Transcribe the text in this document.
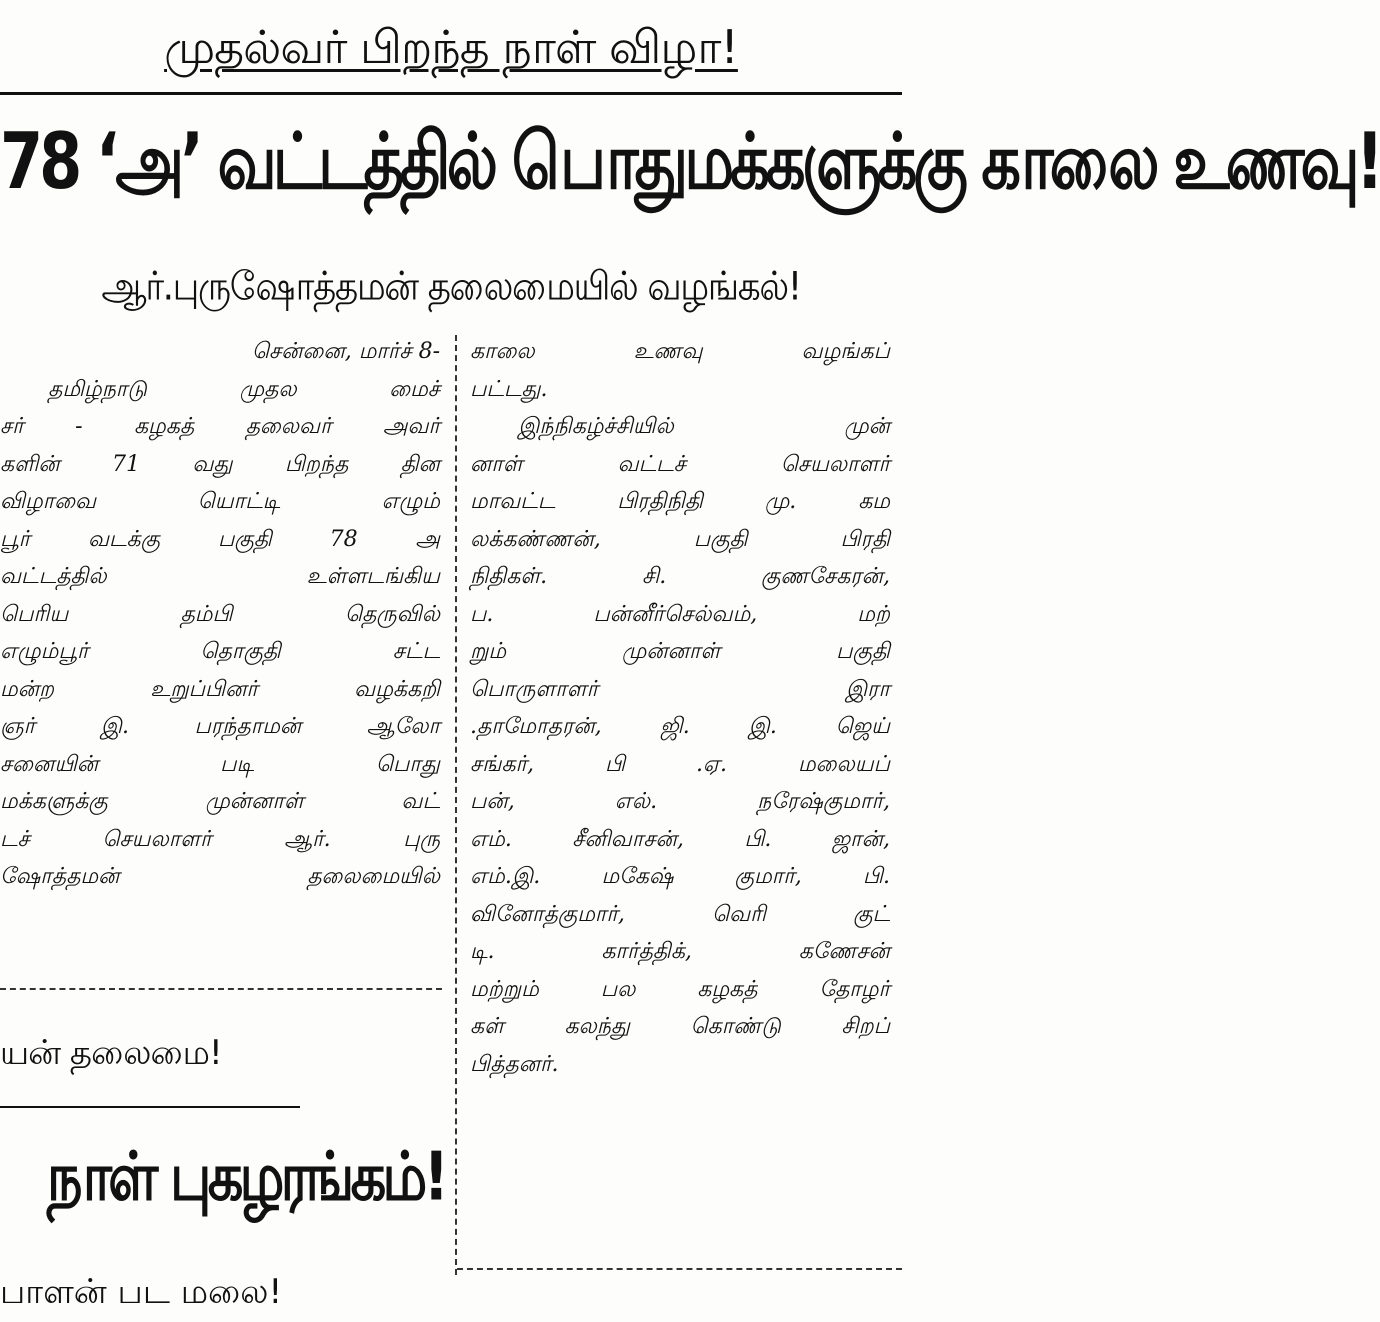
முதல்வர் பிறந்த நாள் விழா!
78 ‘அ’ வட்டத்தில் பொதுமக்களுக்கு காலை உணவு!
ஆர்.புருஷோத்தமன் தலைமையில் வழங்கல்!

சென்னை, மார்ச் 8-

தமிழ்நாடு முதல மைச்

சர் - கழகத் தலைவர் அவர்

களின் 71 வது பிறந்த தின

விழாவை யொட்டி எழும்

பூர் வடக்கு பகுதி 78 அ

வட்டத்தில் உள்ளடங்கிய

பெரிய தம்பி தெருவில்

எழும்பூர் தொகுதி சட்ட

மன்ற உறுப்பினர் வழக்கறி

ஞர் இ. பரந்தாமன் ஆலோ

சனையின் படி பொது

மக்களுக்கு முன்னாள் வட்

டச் செயலாளர் ஆர். புரு

ஷோத்தமன் தலைமையில்

காலை உணவு வழங்கப்

பட்டது.

இந்நிகழ்ச்சியில் முன்

னாள் வட்டச் செயலாளர்

மாவட்ட பிரதிநிதி மு. கம

லக்கண்ணன், பகுதி பிரதி

நிதிகள். சி. குணசேகரன்,

ப. பன்னீர்செல்வம், மற்

றும் முன்னாள் பகுதி

பொருளாளர் இரா

.தாமோதரன், ஜி. இ. ஜெய்

சங்கர், பி .ஏ. மலையப்

பன், எல். நரேஷ்குமார்,

எம். சீனிவாசன், பி. ஜான்,

எம்.இ. மகேஷ் குமார், பி.

வினோத்குமார், வெரி குட்

டி. கார்த்திக், கணேசன்

மற்றும் பல கழகத் தோழர்

கள் கலந்து கொண்டு சிறப்

பித்தனர்.

யன் தலைமை!
நாள் புகழரங்கம்!
பாளன் பட மலை!
